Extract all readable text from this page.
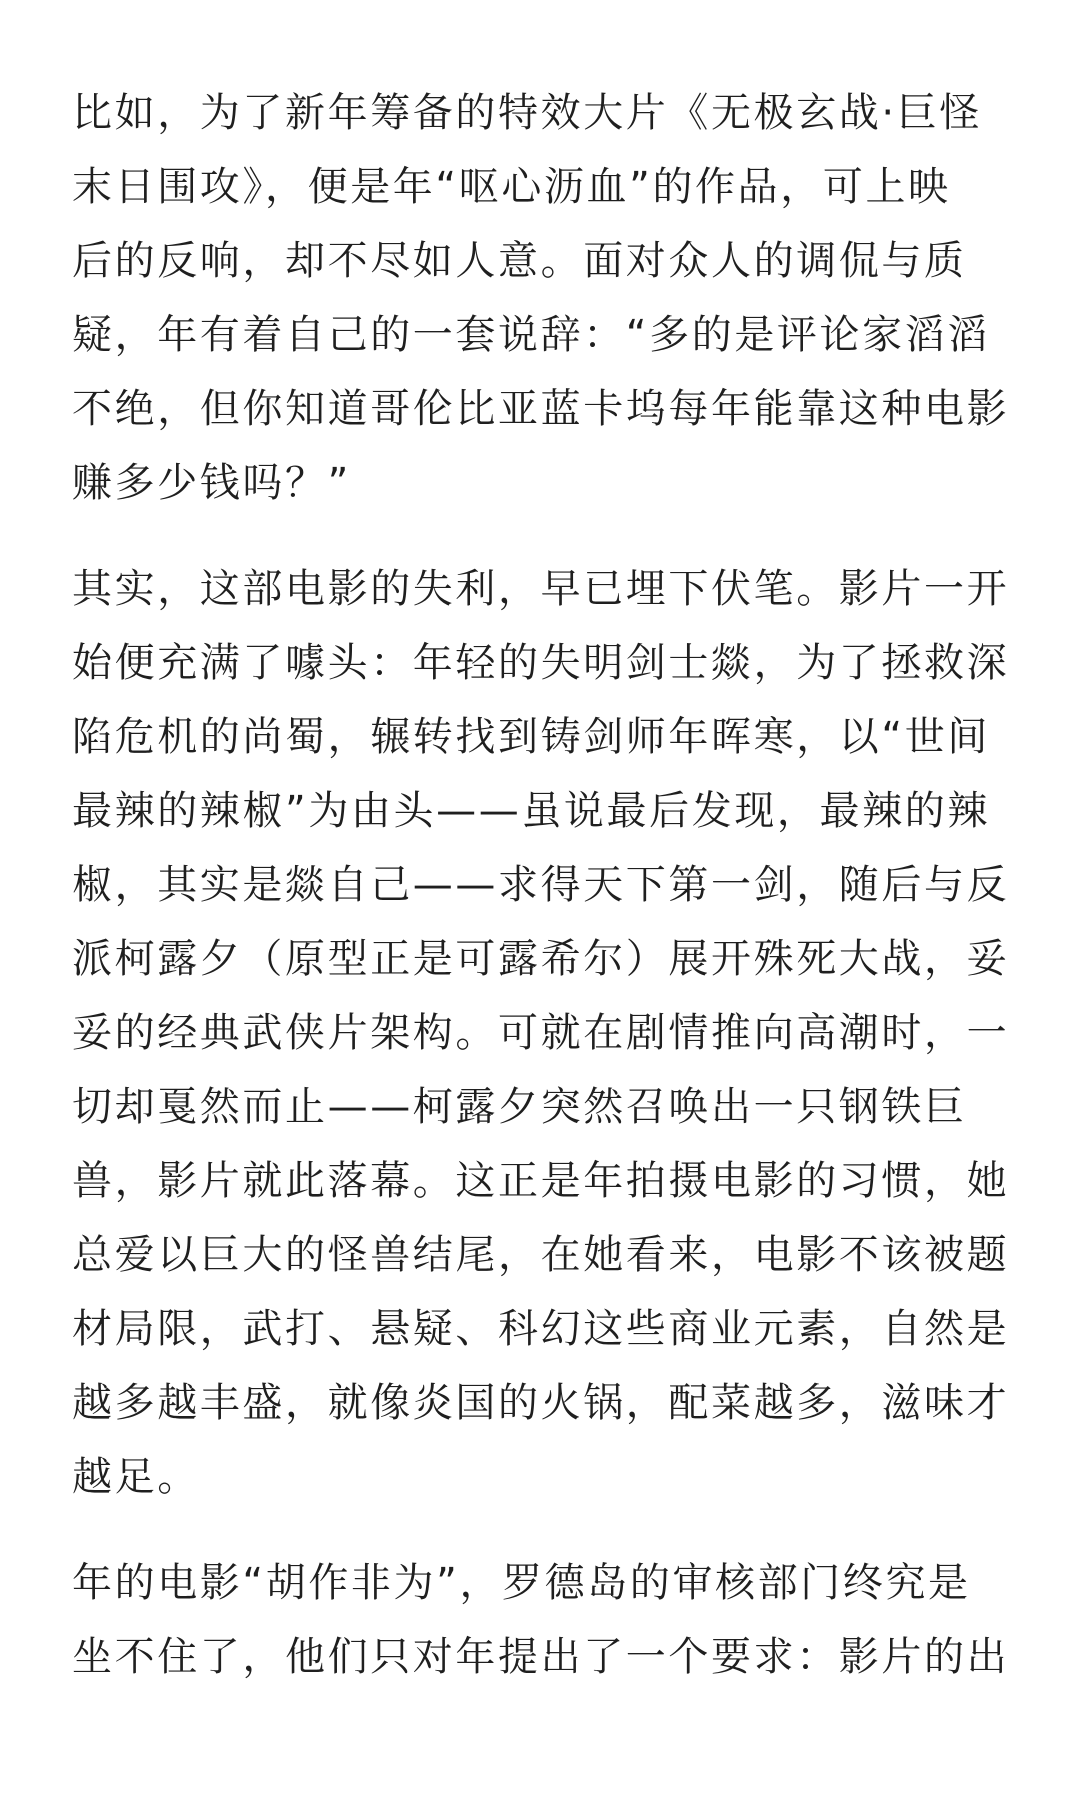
比如，为了新年筹备的特效大片《无极玄战·巨怪
末日围攻》，便是年“呕心沥血”的作品，可上映
后的反响，却不尽如人意。面对众人的调侃与质
疑，年有着自己的一套说辞：“多的是评论家滔滔
不绝，但你知道哥伦比亚蓝卡坞每年能靠这种电影
赚多少钱吗？”
其实，这部电影的失利，早已埋下伏笔。影片一开
始便充满了噱头：年轻的失明剑士燚，为了拯救深
陷危机的尚蜀，辗转找到铸剑师年晖寒，以“世间
最辣的辣椒”为由头——虽说最后发现，最辣的辣
椒，其实是燚自己——求得天下第一剑，随后与反
派柯露夕（原型正是可露希尔）展开殊死大战，妥
妥的经典武侠片架构。可就在剧情推向高潮时，一
切却戛然而止——柯露夕突然召唤出一只钢铁巨
兽，影片就此落幕。这正是年拍摄电影的习惯，她
总爱以巨大的怪兽结尾，在她看来，电影不该被题
材局限，武打、悬疑、科幻这些商业元素，自然是
越多越丰盛，就像炎国的火锅，配菜越多，滋味才
越足。
年的电影“胡作非为”，罗德岛的审核部门终究是
坐不住了，他们只对年提出了一个要求：影片的出
